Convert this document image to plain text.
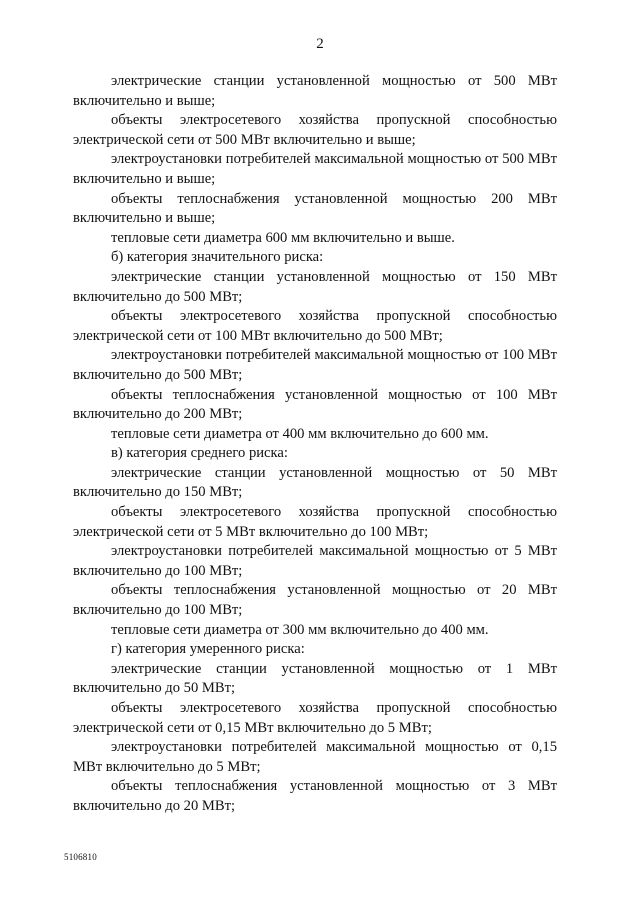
2

электрические станции установленной мощностью от 500 МВт включительно и выше;

объекты электросетевого хозяйства пропускной способностью электрической сети от 500 МВт включительно и выше;

электроустановки потребителей максимальной мощностью от 500 МВт включительно и выше;

объекты теплоснабжения установленной мощностью 200 МВт включительно и выше;

тепловые сети диаметра 600 мм включительно и выше.

б) категория значительного риска:

электрические станции установленной мощностью от 150 МВт включительно до 500 МВт;

объекты электросетевого хозяйства пропускной способностью электрической сети от 100 МВт включительно до 500 МВт;

электроустановки потребителей максимальной мощностью от 100 МВт включительно до 500 МВт;

объекты теплоснабжения установленной мощностью от 100 МВт включительно до 200 МВт;

тепловые сети диаметра от 400 мм включительно до 600 мм.

в) категория среднего риска:

электрические станции установленной мощностью от 50 МВт включительно до 150 МВт;

объекты электросетевого хозяйства пропускной способностью электрической сети от 5 МВт включительно до 100 МВт;

электроустановки потребителей максимальной мощностью от 5 МВт включительно до 100 МВт;

объекты теплоснабжения установленной мощностью от 20 МВт включительно до 100 МВт;

тепловые сети диаметра от 300 мм включительно до 400 мм.

г) категория умеренного риска:

электрические станции установленной мощностью от 1 МВт включительно до 50 МВт;

объекты электросетевого хозяйства пропускной способностью электрической сети от 0,15 МВт включительно до 5 МВт;

электроустановки потребителей максимальной мощностью от 0,15 МВт включительно до 5 МВт;

объекты теплоснабжения установленной мощностью от 3 МВт включительно до 20 МВт;

5106810
